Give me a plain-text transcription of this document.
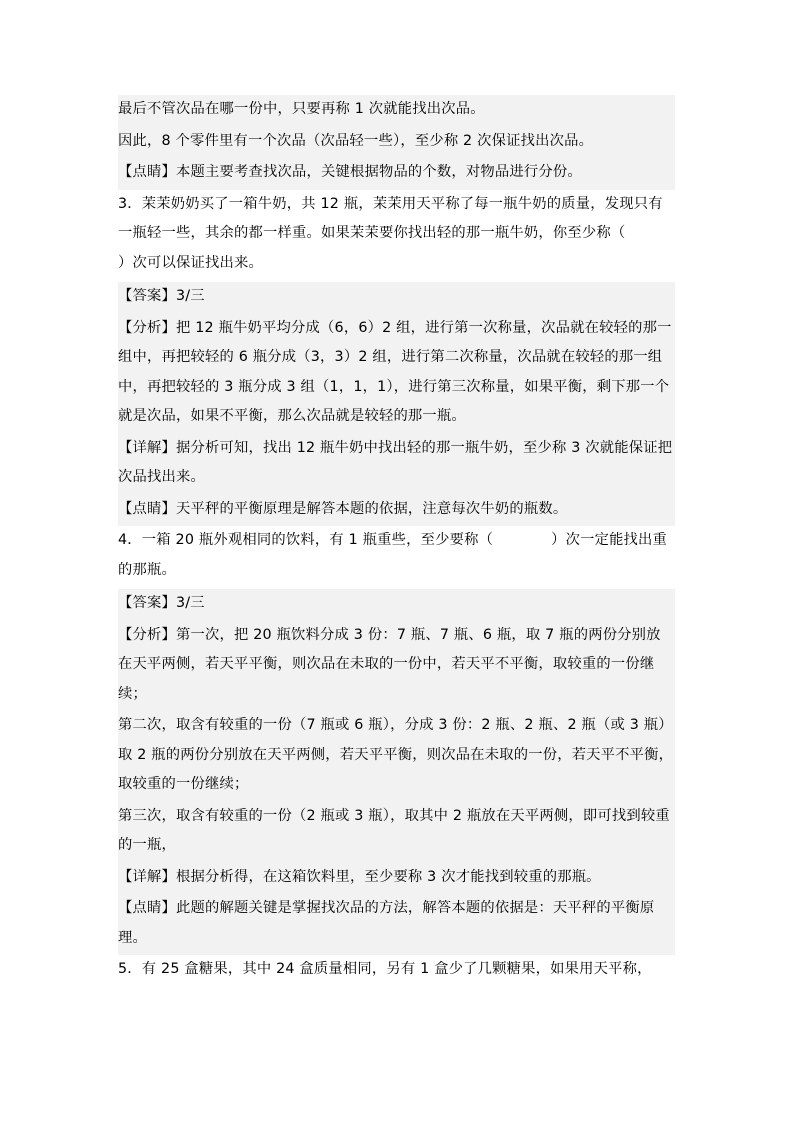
最后不管次品在哪一份中，只要再称 1 次就能找出次品。

因此，8 个零件里有一个次品（次品轻一些），至少称 2 次保证找出次品。

【点睛】本题主要考查找次品，关键根据物品的个数，对物品进行分份。

3．茉茉奶奶买了一箱牛奶，共 12 瓶，茉茉用天平称了每一瓶牛奶的质量，发现只有一瓶轻一些，其余的都一样重。如果茉茉要你找出轻的那一瓶牛奶，你至少称（　　　）次可以保证找出来。

【答案】3/三

【分析】把 12 瓶牛奶平均分成（6，6）2 组，进行第一次称量，次品就在较轻的那一组中，再把较轻的 6 瓶分成（3，3）2 组，进行第二次称量，次品就在较轻的那一组中，再把较轻的 3 瓶分成 3 组（1，1，1），进行第三次称量，如果平衡，剩下那一个就是次品，如果不平衡，那么次品就是较轻的那一瓶。

【详解】据分析可知，找出 12 瓶牛奶中找出轻的那一瓶牛奶，至少称 3 次就能保证把次品找出来。

【点睛】天平秤的平衡原理是解答本题的依据，注意每次牛奶的瓶数。

4．一箱 20 瓶外观相同的饮料，有 1 瓶重些，至少要称（　　　　）次一定能找出重的那瓶。

【答案】3/三

【分析】第一次，把 20 瓶饮料分成 3 份：7 瓶、7 瓶、6 瓶，取 7 瓶的两份分别放在天平两侧，若天平平衡，则次品在未取的一份中，若天平不平衡，取较重的一份继续；

第二次，取含有较重的一份（7 瓶或 6 瓶），分成 3 份：2 瓶、2 瓶、2 瓶（或 3 瓶）取 2 瓶的两份分别放在天平两侧，若天平平衡，则次品在未取的一份，若天平不平衡，取较重的一份继续；

第三次，取含有较重的一份（2 瓶或 3 瓶），取其中 2 瓶放在天平两侧，即可找到较重的一瓶，

【详解】根据分析得，在这箱饮料里，至少要称 3 次才能找到较重的那瓶。

【点睛】此题的解题关键是掌握找次品的方法，解答本题的依据是：天平秤的平衡原理。

5．有 25 盒糖果，其中 24 盒质量相同，另有 1 盒少了几颗糖果，如果用天平称，
